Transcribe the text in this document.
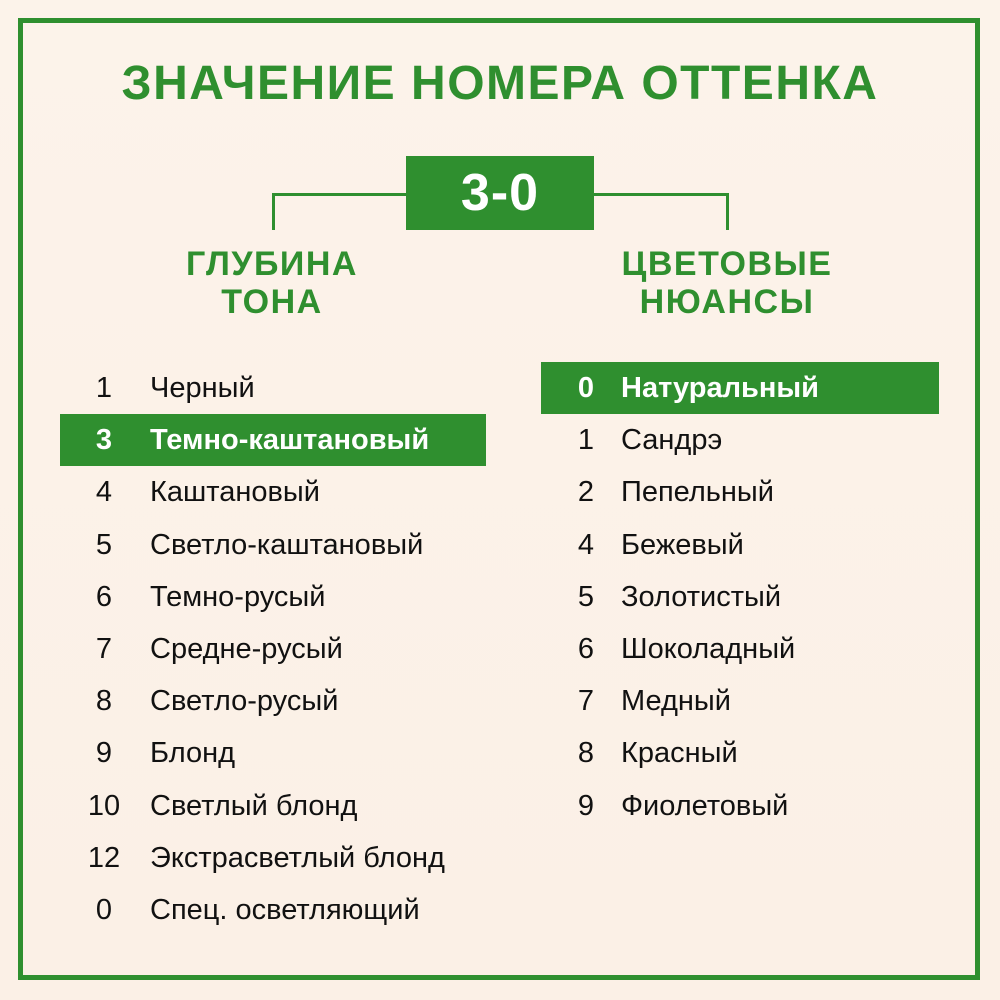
ЗНАЧЕНИЕ НОМЕРА ОТТЕНКА
3-0
ГЛУБИНА
ТОНА
ЦВЕТОВЫЕ
НЮАНСЫ
1	Черный
3	Темно-каштановый
4	Каштановый
5	Светло-каштановый
6	Темно-русый
7	Средне-русый
8	Светло-русый
9	Блонд
10	Светлый блонд
12	Экстрасветлый блонд
0	Спец. осветляющий
0 Натуральный
1 Сандрэ
2 Пепельный
4 Бежевый
5 Золотистый
6 Шоколадный
7 Медный
8 Красный
9 Фиолетовый
